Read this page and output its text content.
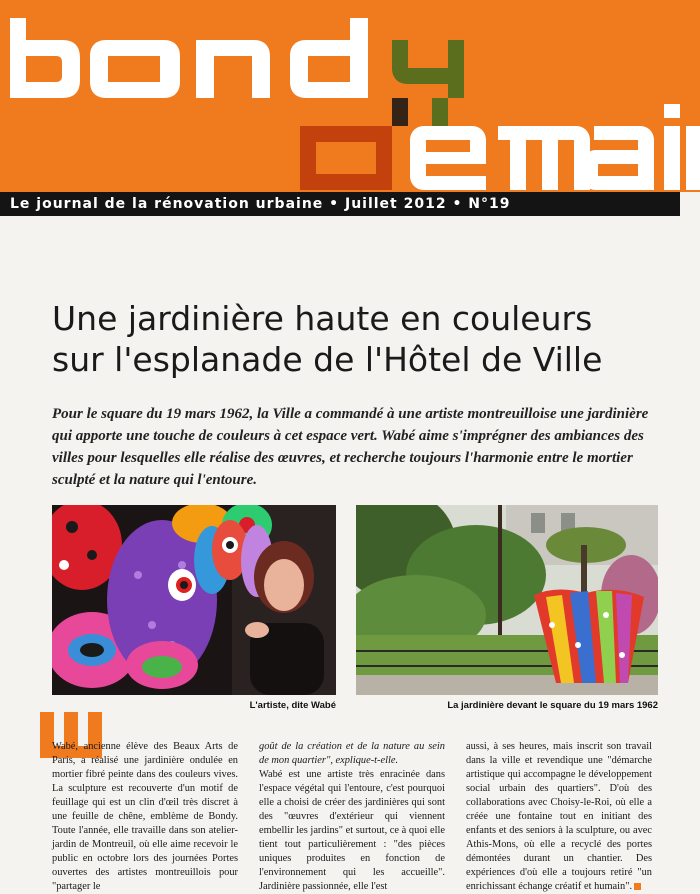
Le journal de la rénovation urbaine • Juillet 2012 • N°19
Une jardinière haute en couleurs
sur l'esplanade de l'Hôtel de Ville

Pour le square du 19 mars 1962, la Ville a commandé à une artiste montreuilloise une jardinière qui apporte une touche de couleurs à cet espace vert. Wabé aime s'imprégner des ambiances des villes pour lesquelles elle réalise des œuvres, et recherche toujours l'harmonie entre le mortier sculpté et la nature qui l'entoure.

L'artiste, dite Wabé	La jardinière devant le square du 19 mars 1962

Wabé, ancienne élève des Beaux Arts de Paris, a réalisé une jardinière ondulée en mortier fibré peinte dans des couleurs vives. La sculpture est recouverte d'un motif de feuillage qui est un clin d'œil très discret à une feuille de chêne, emblème de Bondy. Toute l'année, elle travaille dans son atelier-jardin de Montreuil, où elle aime recevoir le public en octobre lors des journées Portes ouvertes des artistes montreuillois pour "partager le

goût de la création et de la nature au sein de mon quartier", explique-t-elle.

Wabé est une artiste très enracinée dans l'espace végétal qui l'entoure, c'est pourquoi elle a choisi de créer des jardinières qui sont des "œuvres d'extérieur qui viennent embellir les jardins" et surtout, ce à quoi elle tient tout particulièrement : "des pièces uniques produites en fonction de l'environnement qui les accueille". Jardinière passionnée, elle l'est

aussi, à ses heures, mais inscrit son travail dans la ville et revendique une "démarche artistique qui accompagne le développement social urbain des quartiers". D'où des collaborations avec Choisy-le-Roi, où elle a créée une fontaine tout en initiant des enfants et des seniors à la sculpture, ou avec Athis-Mons, où elle a recyclé des portes démontées durant un chantier. Des expériences d'où elle a toujours retiré "un enrichissant échange créatif et humain".
